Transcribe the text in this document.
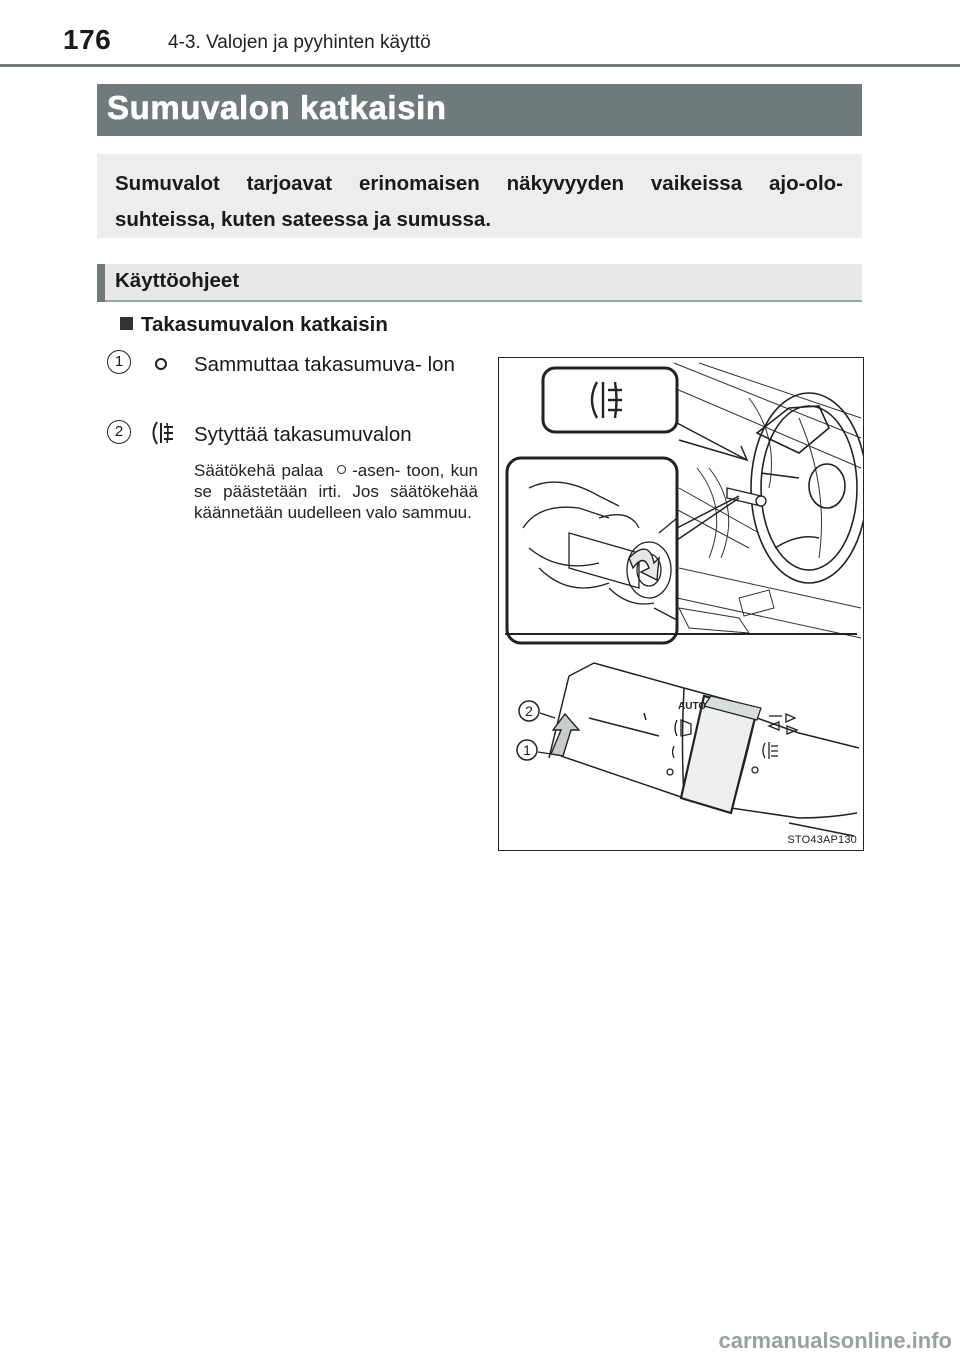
176	4-3. Valojen ja pyyhinten käyttö
Sumuvalon katkaisin

Sumuvalot tarjoavat erinomaisen näkyvyyden vaikeissa ajo-olo- suhteissa, kuten sateessa ja sumussa.

Käyttöohjeet
Takasumuvalon katkaisin
1	Sammuttaa takasumuva- lon
2	Sytyttää takasumuvalon
Säätökehä palaa -asen- toon, kun se päästetään irti. Jos säätökehää käännetään uudelleen valo sammuu.
AUTO
2
1
STO43AP130
carmanualsonline.info
